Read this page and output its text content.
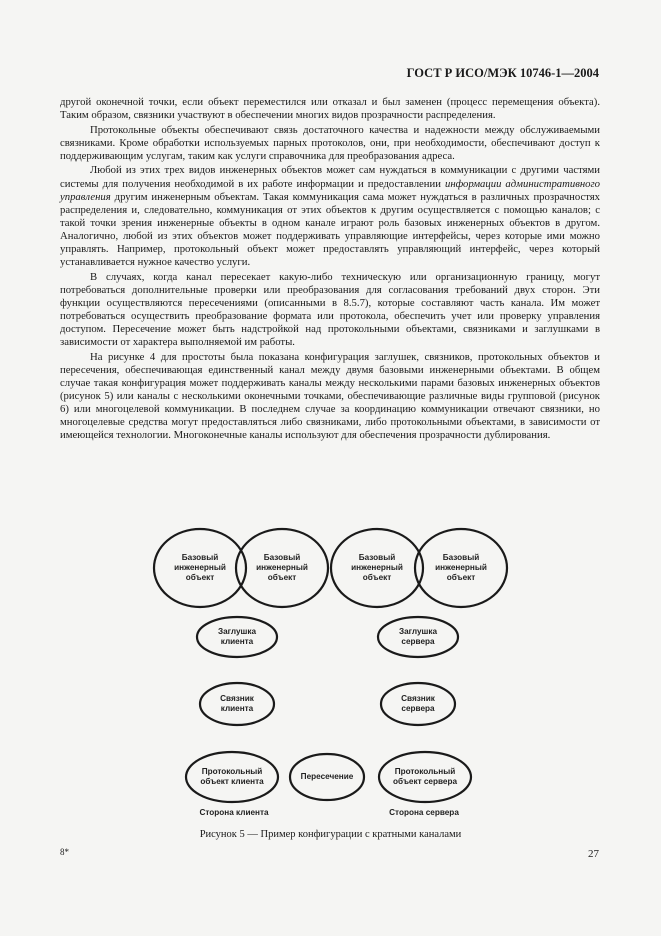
ГОСТ Р ИСО/МЭК 10746-1—2004

другой оконечной точки, если объект переместился или отказал и был заменен (процесс перемещения объекта). Таким образом, связники участвуют в обеспечении многих видов прозрачности распределения.

Протокольные объекты обеспечивают связь достаточного качества и надежности между обслуживаемыми связниками. Кроме обработки используемых парных протоколов, они, при необходимости, обеспечивают доступ к поддерживающим услугам, таким как услуги справочника для преобразования адреса.

Любой из этих трех видов инженерных объектов может сам нуждаться в коммуникации с другими частями системы для получения необходимой в их работе информации и предоставлении информации административного управления другим инженерным объектам. Такая коммуникация сама может нуждаться в различных прозрачностях распределения и, следовательно, коммуникация от этих объектов к другим осуществляется с помощью каналов; с такой точки зрения инженерные объекты в одном канале играют роль базовых инженерных объектов в другом. Аналогично, любой из этих объектов может поддерживать управляющие интерфейсы, через которые ими можно управлять. Например, протокольный объект может предоставлять управляющий интерфейс, через который устанавливается нужное качество услуги.

В случаях, когда канал пересекает какую-либо техническую или организационную границу, могут потребоваться дополнительные проверки или преобразования для согласования требований двух сторон. Эти функции осуществляются пересечениями (описанными в 8.5.7), которые составляют часть канала. Им может потребоваться осуществить преобразование формата или протокола, обеспечить учет или проверку управления доступом. Пересечение может быть надстройкой над протокольными объектами, связниками и заглушками в зависимости от характера выполняемой им работы.

На рисунке 4 для простоты была показана конфигурация заглушек, связников, протокольных объектов и пересечения, обеспечивающая единственный канал между двумя базовыми инженерными объектами. В общем случае такая конфигурация может поддерживать каналы между несколькими парами базовых инженерных объектов (рисунок 5) или каналы с несколькими оконечными точками, обеспечивающие различные виды групповой (рисунок 6) или многоцелевой коммуникации. В последнем случае за координацию коммуникации отвечают связники, но многоцелевые средства могут предоставляться либо связниками, либо протокольными объектами, в зависимости от имеющейся технологии. Многоконечные каналы используют для обеспечения прозрачности дублирования.

Базовый
инженерный
объект
Базовый
инженерный
объект
Базовый
инженерный
объект
Базовый
инженерный
объект
Заглушка
клиента
Заглушка
сервера
Связник
клиента
Связник
сервера
Протокольный
объект клиента
Пересечение
Протокольный
объект сервера
Сторона клиента	Сторона сервера
Рисунок 5 — Пример конфигурации с кратными каналами
8*	27
